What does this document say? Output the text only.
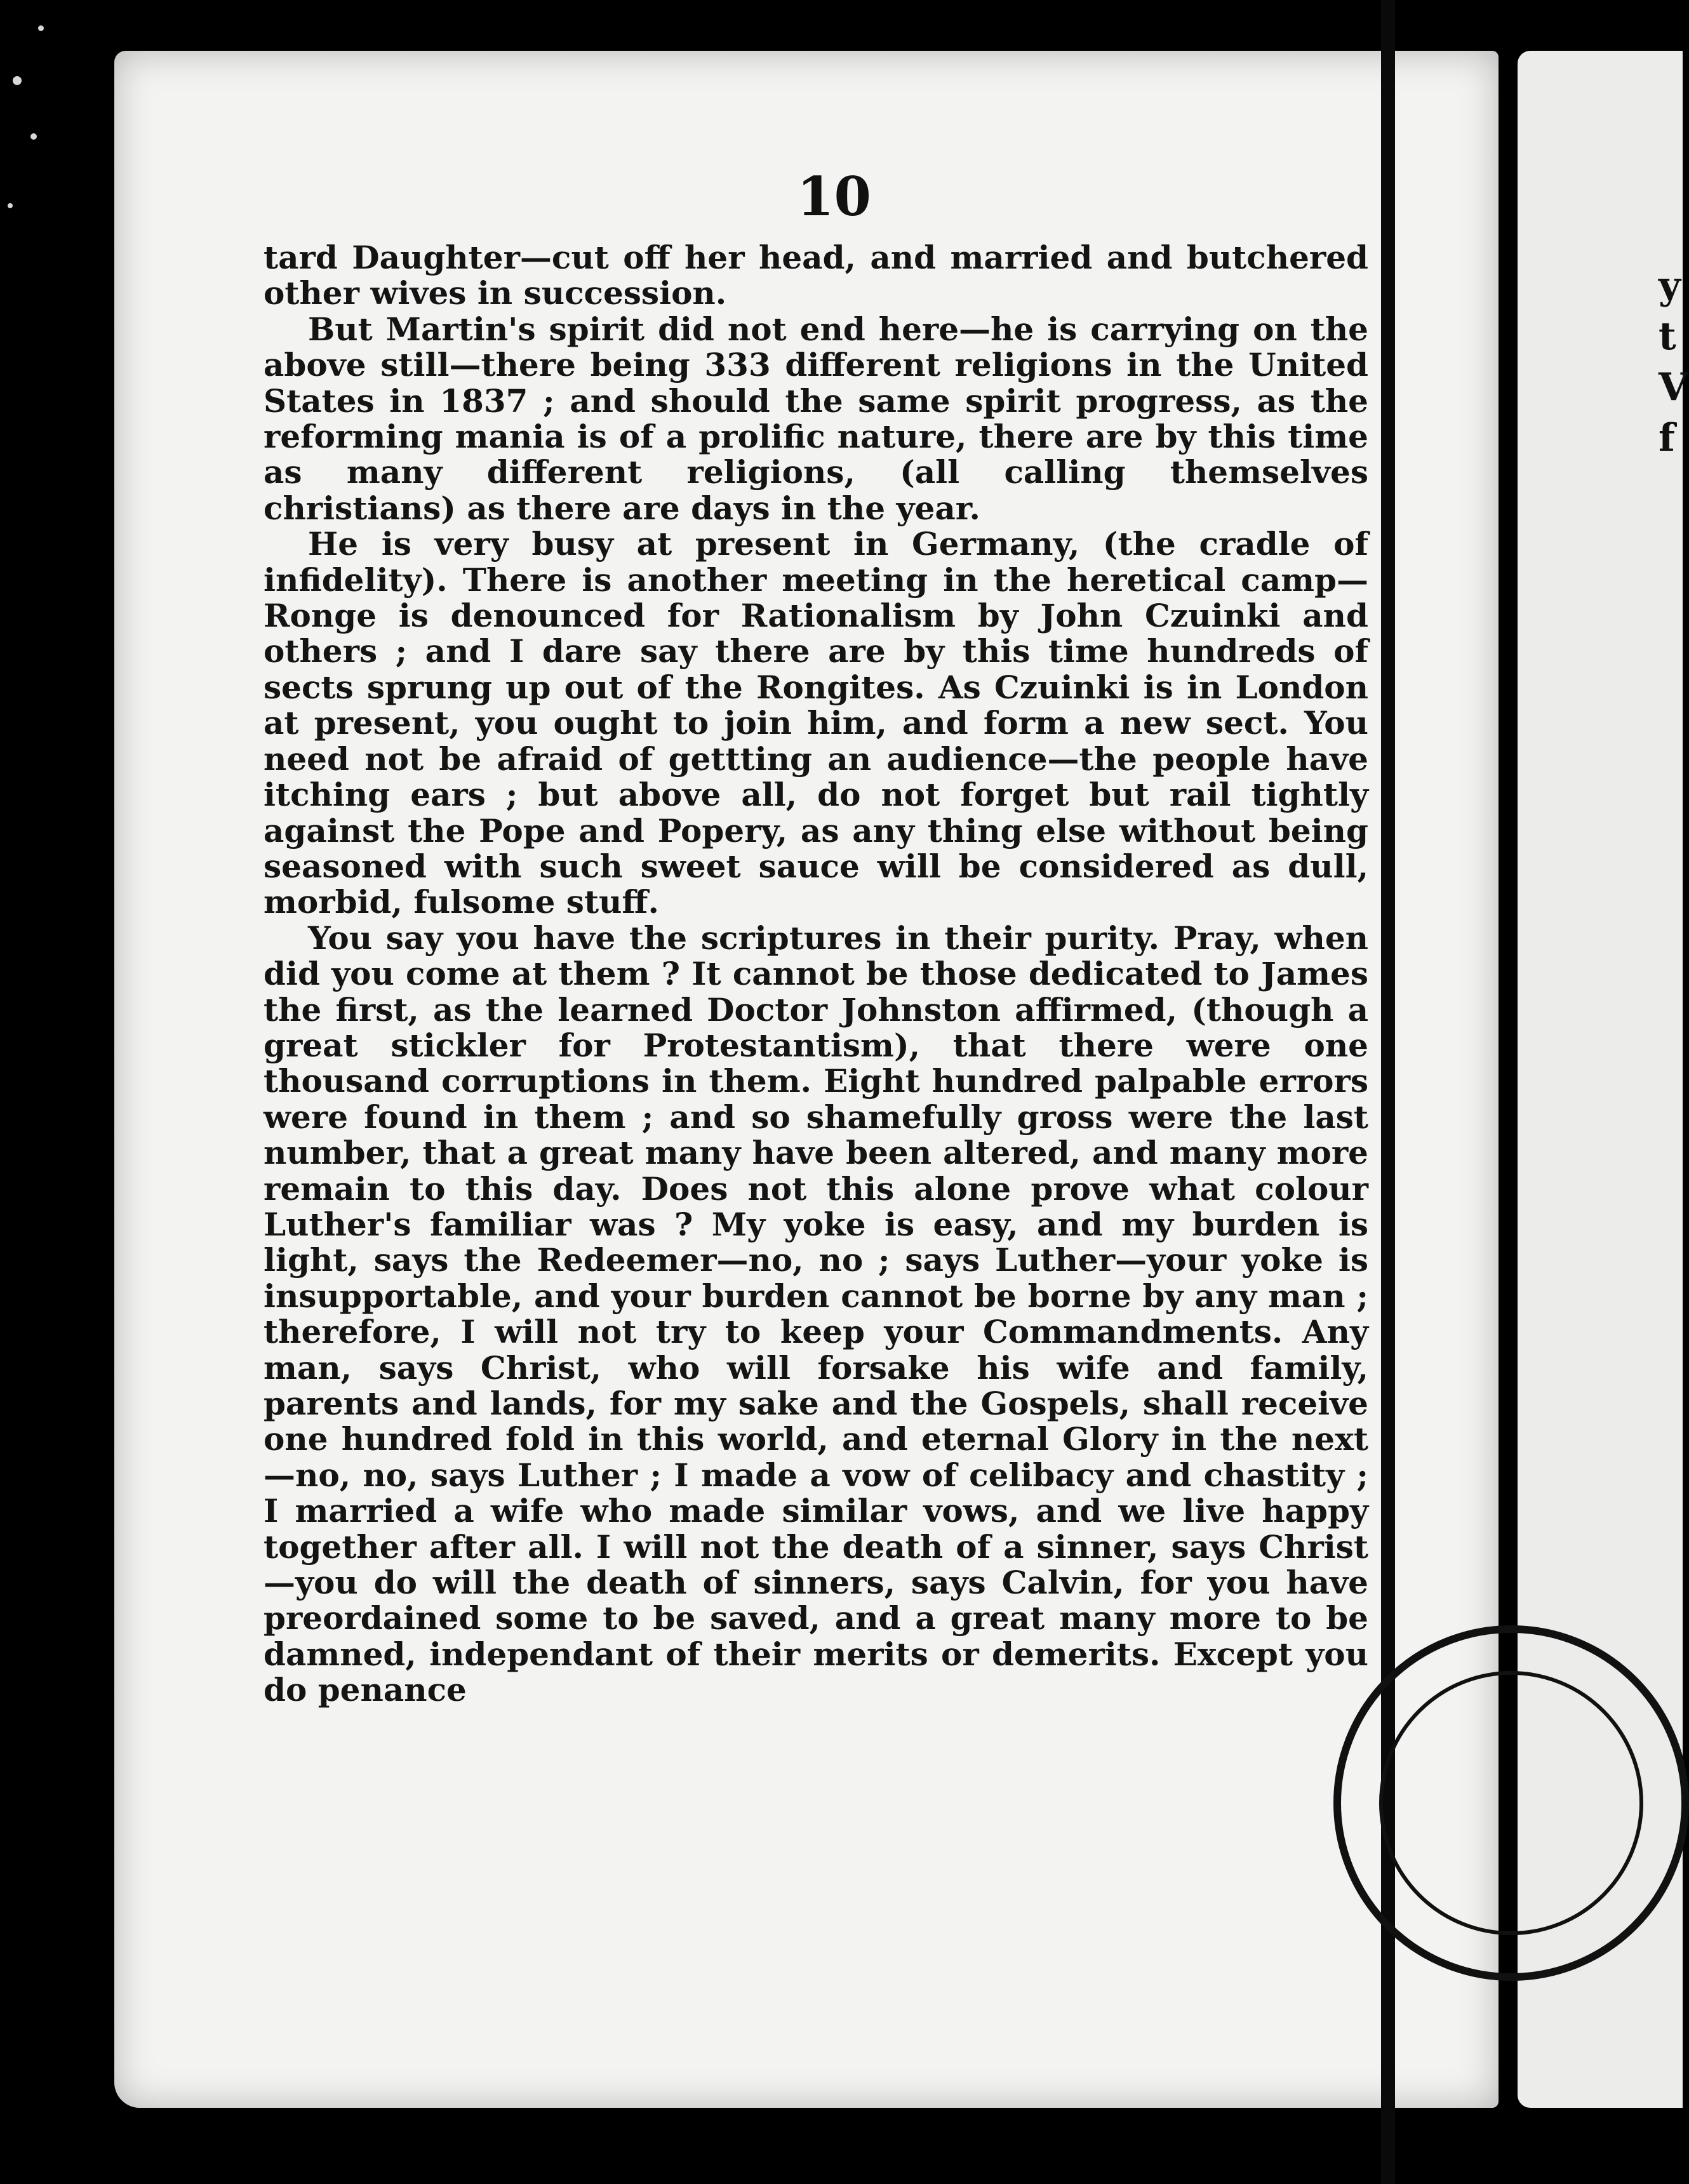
y
t
V
f
10

tard Daughter—cut off her head, and married and butchered other wives in succession.

But Martin's spirit did not end here—he is carrying on the above still—there being 333 different religions in the United States in 1837 ; and should the same spirit progress, as the reforming mania is of a prolific nature, there are by this time as many different religions, (all calling themselves christians) as there are days in the year.

He is very busy at present in Germany, (the cradle of infidelity). There is another meeting in the heretical camp—Ronge is denounced for Rationalism by John Czuinki and others ; and I dare say there are by this time hundreds of sects sprung up out of the Rongites. As Czuinki is in London at present, you ought to join him, and form a new sect. You need not be afraid of gettting an audience—the people have itching ears ; but above all, do not forget but rail tightly against the Pope and Popery, as any thing else without being seasoned with such sweet sauce will be considered as dull, morbid, fulsome stuff.

You say you have the scriptures in their purity. Pray, when did you come at them ? It cannot be those dedicated to James the first, as the learned Doctor Johnston affirmed, (though a great stickler for Protestantism), that there were one thousand corruptions in them. Eight hundred palpable errors were found in them ; and so shamefully gross were the last number, that a great many have been altered, and many more remain to this day. Does not this alone prove what colour Luther's familiar was ? My yoke is easy, and my burden is light, says the Redeemer—no, no ; says Luther—your yoke is insupportable, and your burden cannot be borne by any man ; therefore, I will not try to keep your Commandments. Any man, says Christ, who will forsake his wife and family, parents and lands, for my sake and the Gospels, shall receive one hundred fold in this world, and eternal Glory in the next—no, no, says Luther ; I made a vow of celibacy and chastity ; I married a wife who made similar vows, and we live happy together after all. I will not the death of a sinner, says Christ —you do will the death of sinners, says Calvin, for you have preordained some to be saved, and a great many more to be damned, independant of their merits or demerits. Except you do penance
